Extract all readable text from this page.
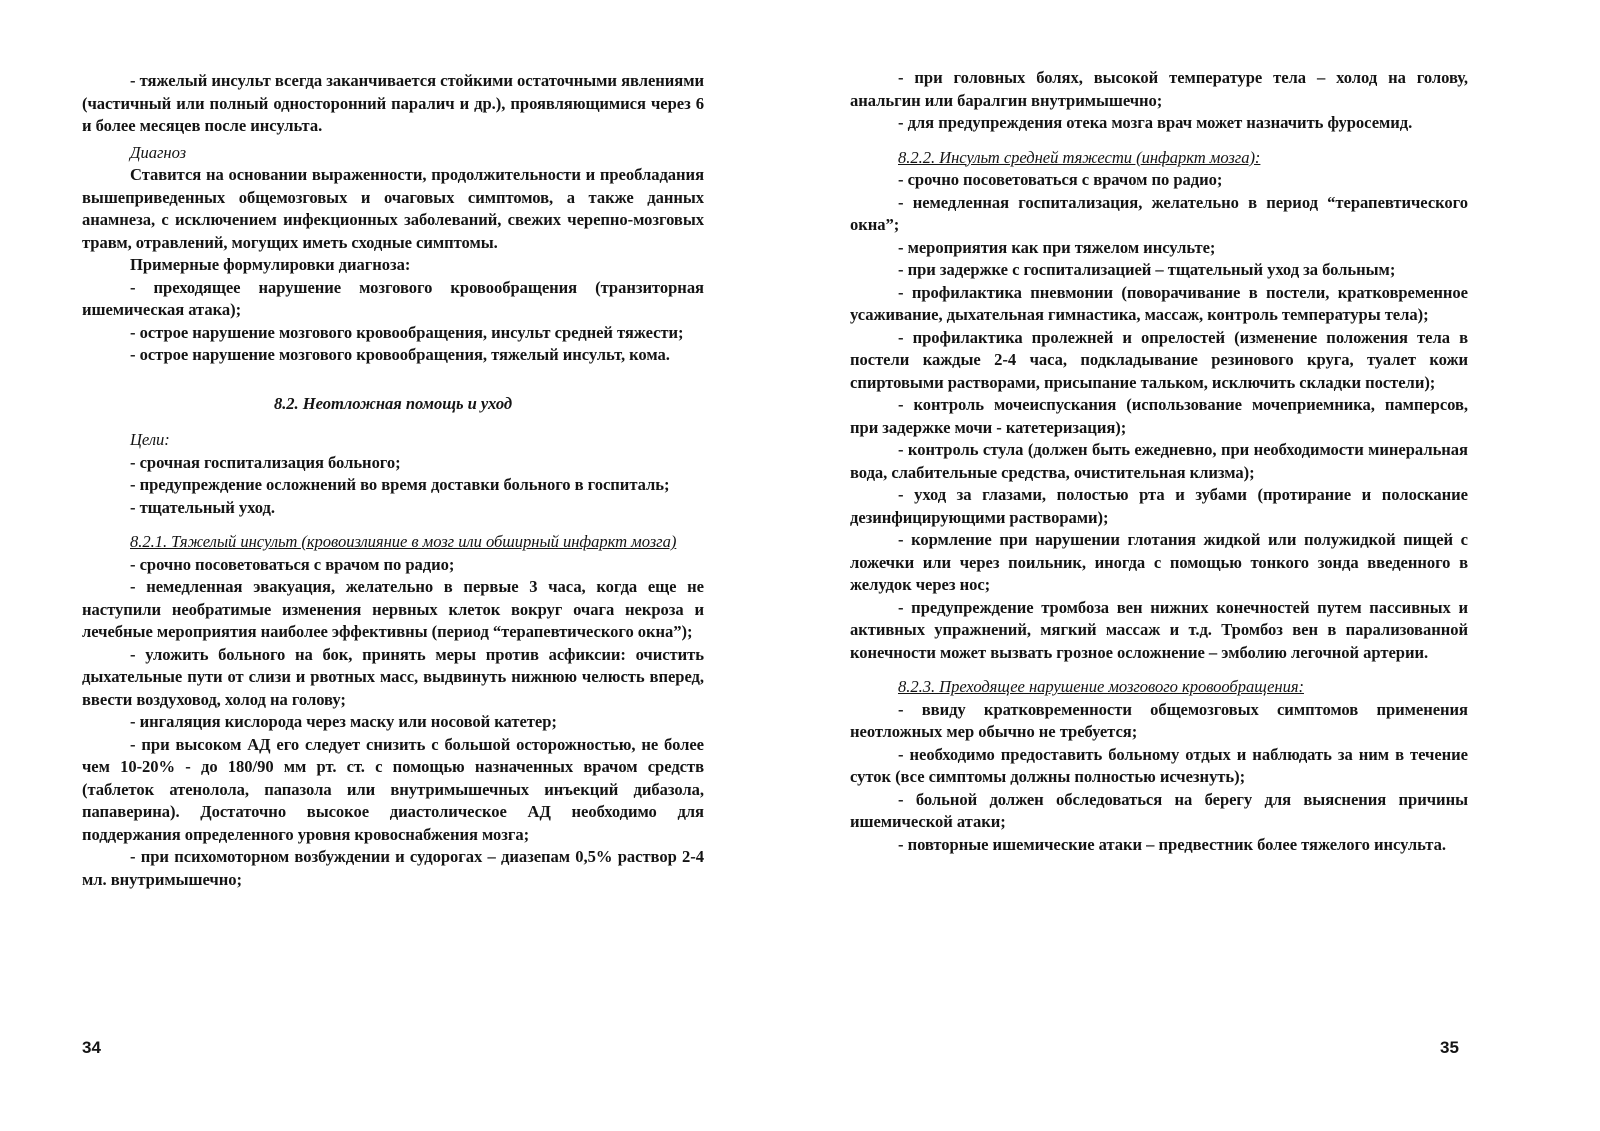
- тяжелый инсульт всегда заканчивается стойкими остаточными явлениями (частичный или полный односторонний паралич и др.), проявляющимися через 6 и более месяцев после инсульта.

Диагноз

Ставится на основании выраженности, продолжительности и преобладания вышеприведенных общемозговых и очаговых симптомов, а также данных анамнеза, с исключением инфекционных заболеваний, свежих черепно-мозговых травм, отравлений, могущих иметь сходные симптомы.

Примерные формулировки диагноза:

- преходящее нарушение мозгового кровообращения (транзиторная ишемическая атака);

- острое нарушение мозгового кровообращения, инсульт средней тяжести;

- острое нарушение мозгового кровообращения, тяжелый инсульт, кома.

8.2. Неотложная помощь и уход

Цели:

- срочная госпитализация больного;

- предупреждение осложнений во время доставки больного в госпиталь;

- тщательный уход.

8.2.1. Тяжелый инсульт (кровоизлияние в мозг или обширный инфаркт мозга)

- срочно посоветоваться с врачом по радио;

- немедленная эвакуация, желательно в первые 3 часа, когда еще не наступили необратимые изменения нервных клеток вокруг очага некроза и лечебные мероприятия наиболее эффективны (период “терапевтического окна”);

- уложить больного на бок, принять меры против асфиксии: очистить дыхательные пути от слизи и рвотных масс, выдвинуть нижнюю челюсть вперед, ввести воздуховод, холод на голову;

- ингаляция кислорода через маску или носовой катетер;

- при высоком АД его следует снизить с большой осторожностью, не более чем 10-20% - до 180/90 мм рт. ст. с помощью назначенных врачом средств (таблеток атенолола, папазола или внутримышечных инъекций дибазола, папаверина). Достаточно высокое диастолическое АД необходимо для поддержания определенного уровня кровоснабжения мозга;

- при психомоторном возбуждении и судорогах – диазепам 0,5% раствор 2-4 мл. внутримышечно;

34

- при головных болях, высокой температуре тела – холод на голову, анальгин или баралгин внутримышечно;

- для предупреждения отека мозга врач может назначить фуросемид.

8.2.2. Инсульт средней тяжести (инфаркт мозга):

- срочно посоветоваться с врачом по радио;

- немедленная госпитализация, желательно в период “терапевтического окна”;

- мероприятия как при тяжелом инсульте;

- при задержке с госпитализацией – тщательный уход за больным;

- профилактика пневмонии (поворачивание в постели, кратковременное усаживание, дыхательная гимнастика, массаж, контроль температуры тела);

- профилактика пролежней и опрелостей (изменение положения тела в постели каждые 2-4 часа, подкладывание резинового круга, туалет кожи спиртовыми растворами, присыпание тальком, исключить складки постели);

- контроль мочеиспускания (использование мочеприемника, памперсов, при задержке мочи - катетеризация);

- контроль стула (должен быть ежедневно, при необходимости минеральная вода, слабительные средства, очистительная клизма);

- уход за глазами, полостью рта и зубами (протирание и полоскание дезинфицирующими растворами);

- кормление при нарушении глотания жидкой или полужидкой пищей с ложечки или через поильник, иногда с помощью тонкого зонда введенного в желудок через нос;

- предупреждение тромбоза вен нижних конечностей путем пассивных и активных упражнений, мягкий массаж и т.д. Тромбоз вен в парализованной конечности может вызвать грозное осложнение – эмболию легочной артерии.

8.2.3. Преходящее нарушение мозгового кровообращения:

- ввиду кратковременности общемозговых симптомов применения неотложных мер обычно не требуется;

- необходимо предоставить больному отдых и наблюдать за ним в течение суток (все симптомы должны полностью исчезнуть);

- больной должен обследоваться на берегу для выяснения причины ишемической атаки;

- повторные ишемические атаки – предвестник более тяжелого инсульта.

35
